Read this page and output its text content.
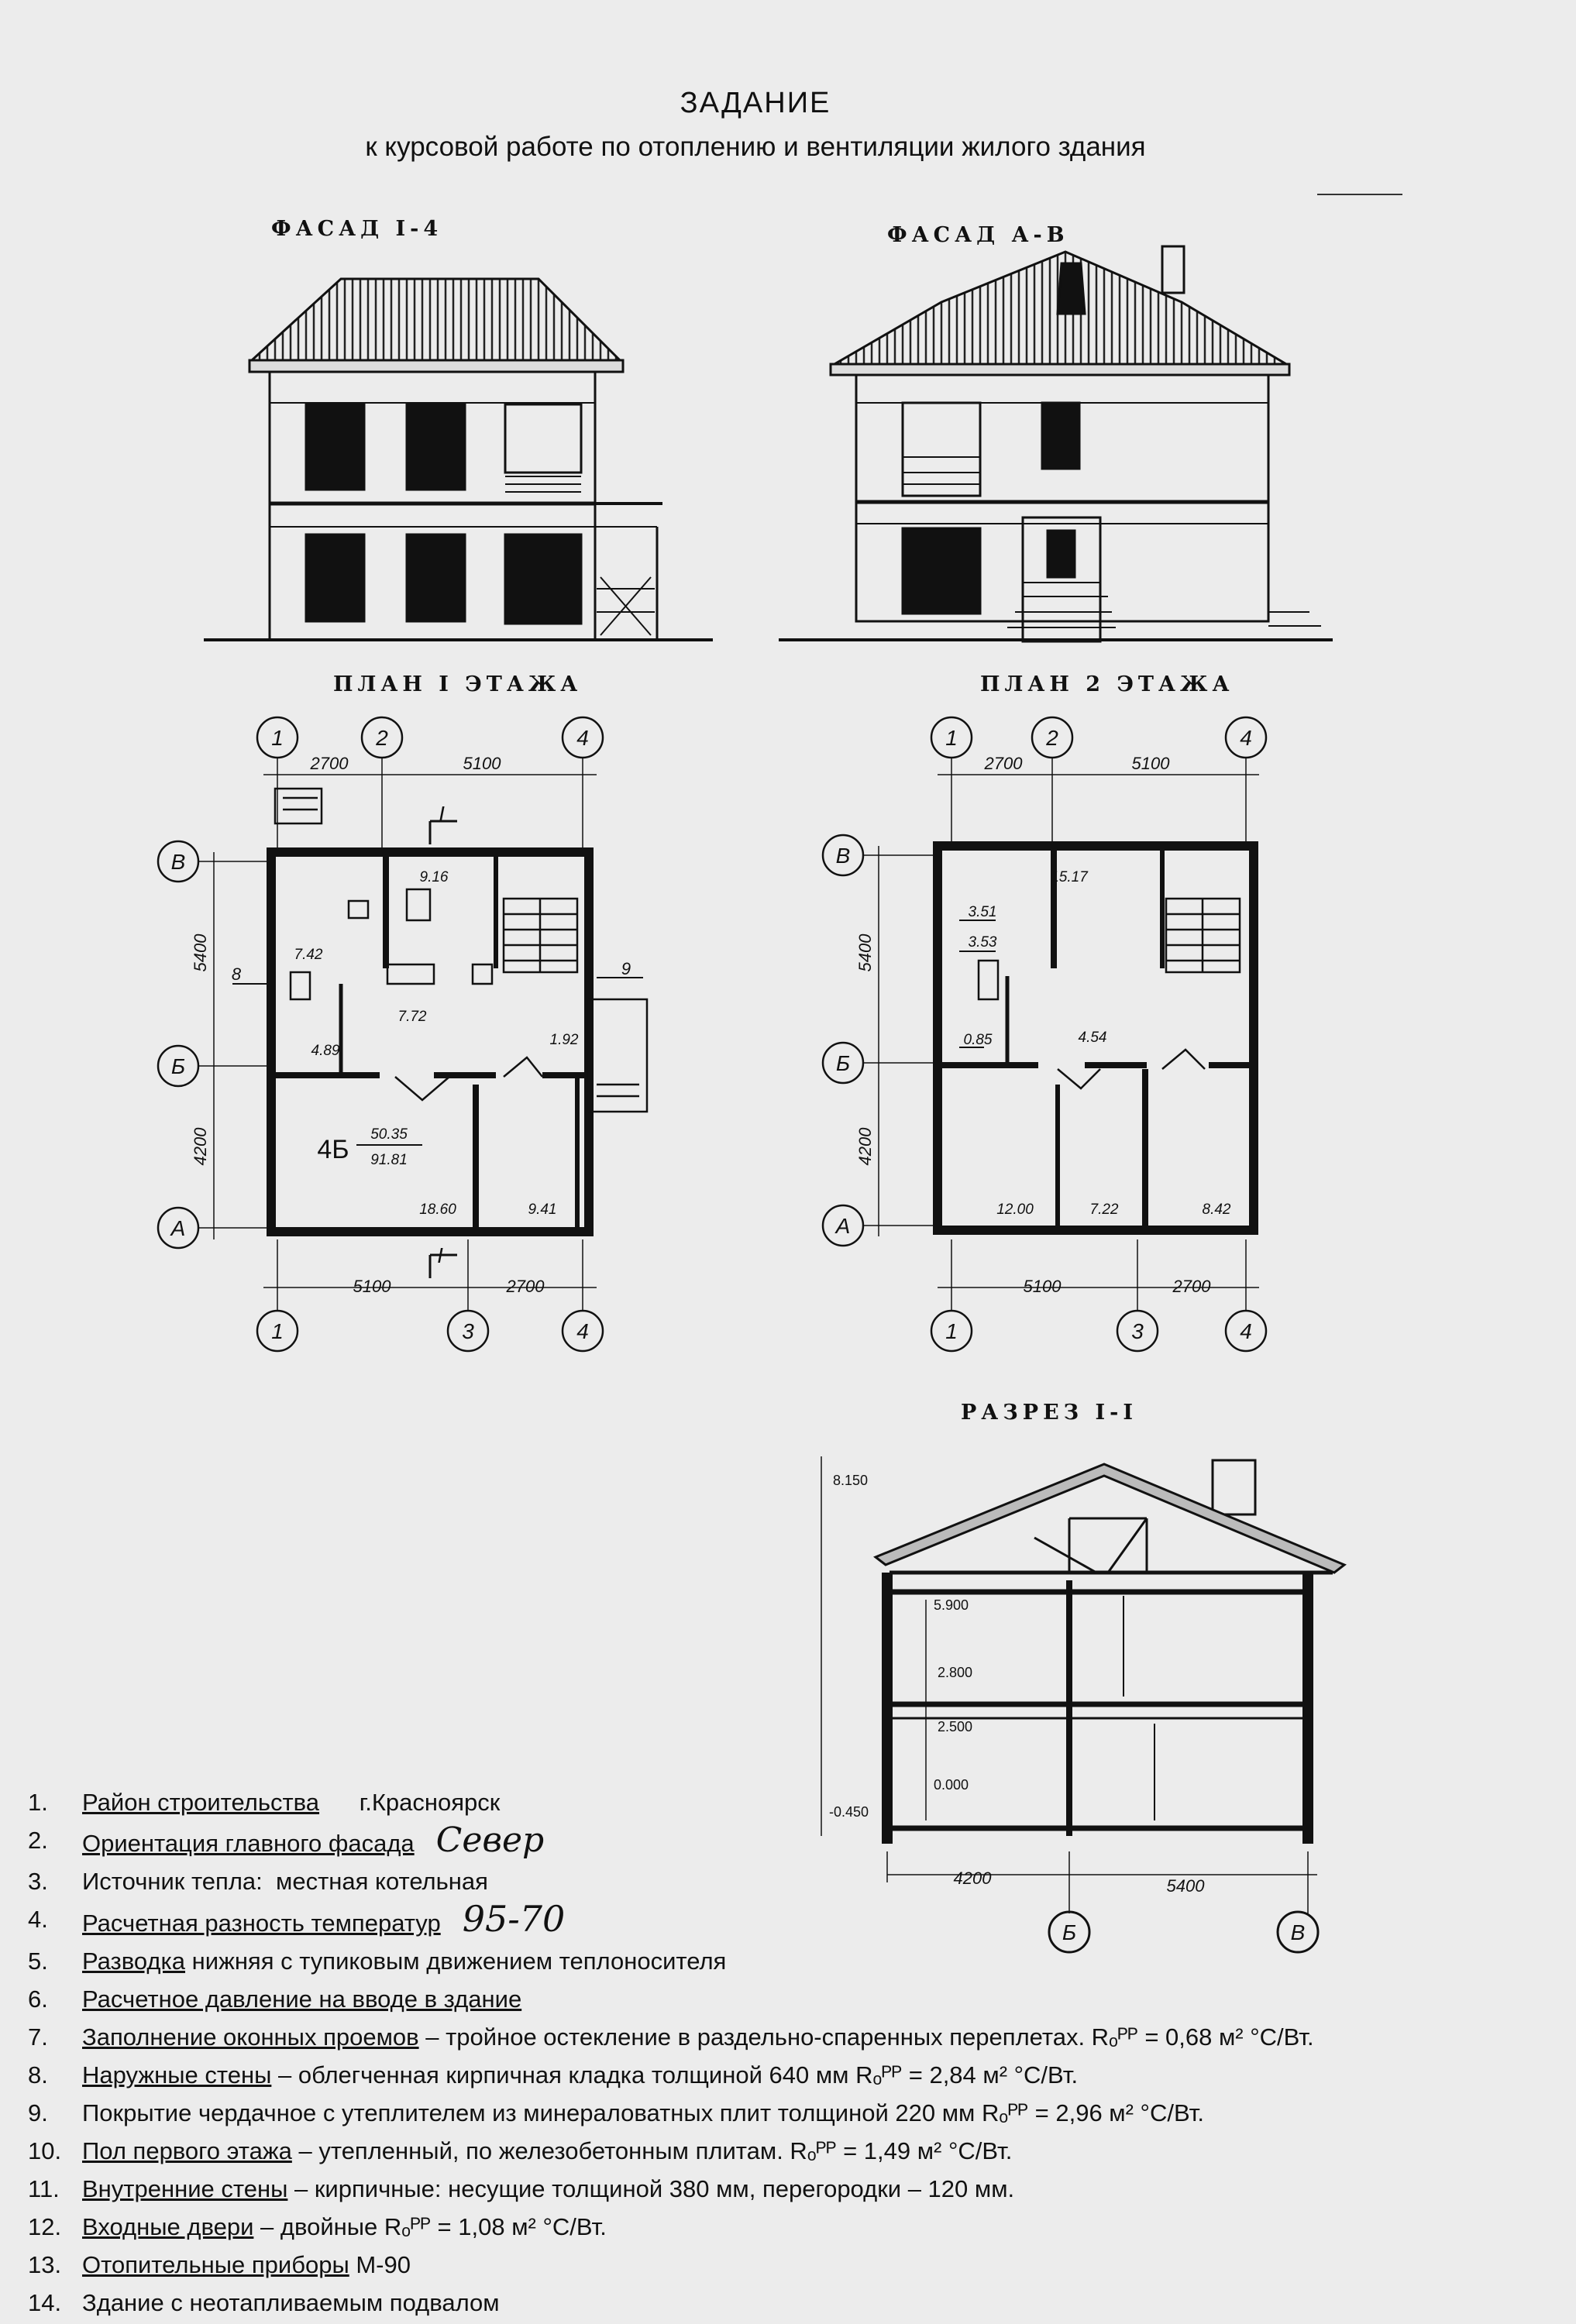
ЗАДАНИЕ
к курсовой работе по отоплению и вентиляции жилого здания
ФАСАД I-4	ФАСАД А-В
ПЛАН I ЭТАЖА	ПЛАН 2 ЭТАЖА
РАЗРЕЗ I-I
1	2	4
1	3	4
В
Б
А
2700	5100
5100	2700
5400
4200
I
I
9
8
4Б
50.35
91.81
9.16
7.42
4.89
7.72
1.92
18.60	9.41
1	2	4
1	3	4
В
Б
А
2700	5100
5100	2700
5400
4200
3.51
3.53
15.17
0.85	4.54
12.00	7.22	8.42
8.150
5.900
2.800
2.500
0.000
-0.450
4200	5400
Б	В
1. Район строительства г.Красноярск
2. Ориентация главного фасада Север
3. Источник тепла: местная котельная
4. Расчетная разность температур 95-70
5. Разводка нижняя с тупиковым движением теплоносителя
6. Расчетное давление на вводе в здание
7. Заполнение оконных проемов – тройное остекление в раздельно-спаренных переплетах. Rₒᴾᴾ = 0,68 м² °С/Вт.
8. Наружные стены – облегченная кирпичная кладка толщиной 640 мм Rₒᴾᴾ = 2,84 м² °С/Вт.
9. Покрытие чердачное с утеплителем из минераловатных плит толщиной 220 мм Rₒᴾᴾ = 2,96 м² °С/Вт.
10. Пол первого этажа – утепленный, по железобетонным плитам. Rₒᴾᴾ = 1,49 м² °С/Вт.
11. Внутренние стены – кирпичные: несущие толщиной 380 мм, перегородки – 120 мм.
12. Входные двери – двойные Rₒᴾᴾ = 1,08 м² °С/Вт.
13. Отопительные приборы М-90
14. Здание с неотапливаемым подвалом
